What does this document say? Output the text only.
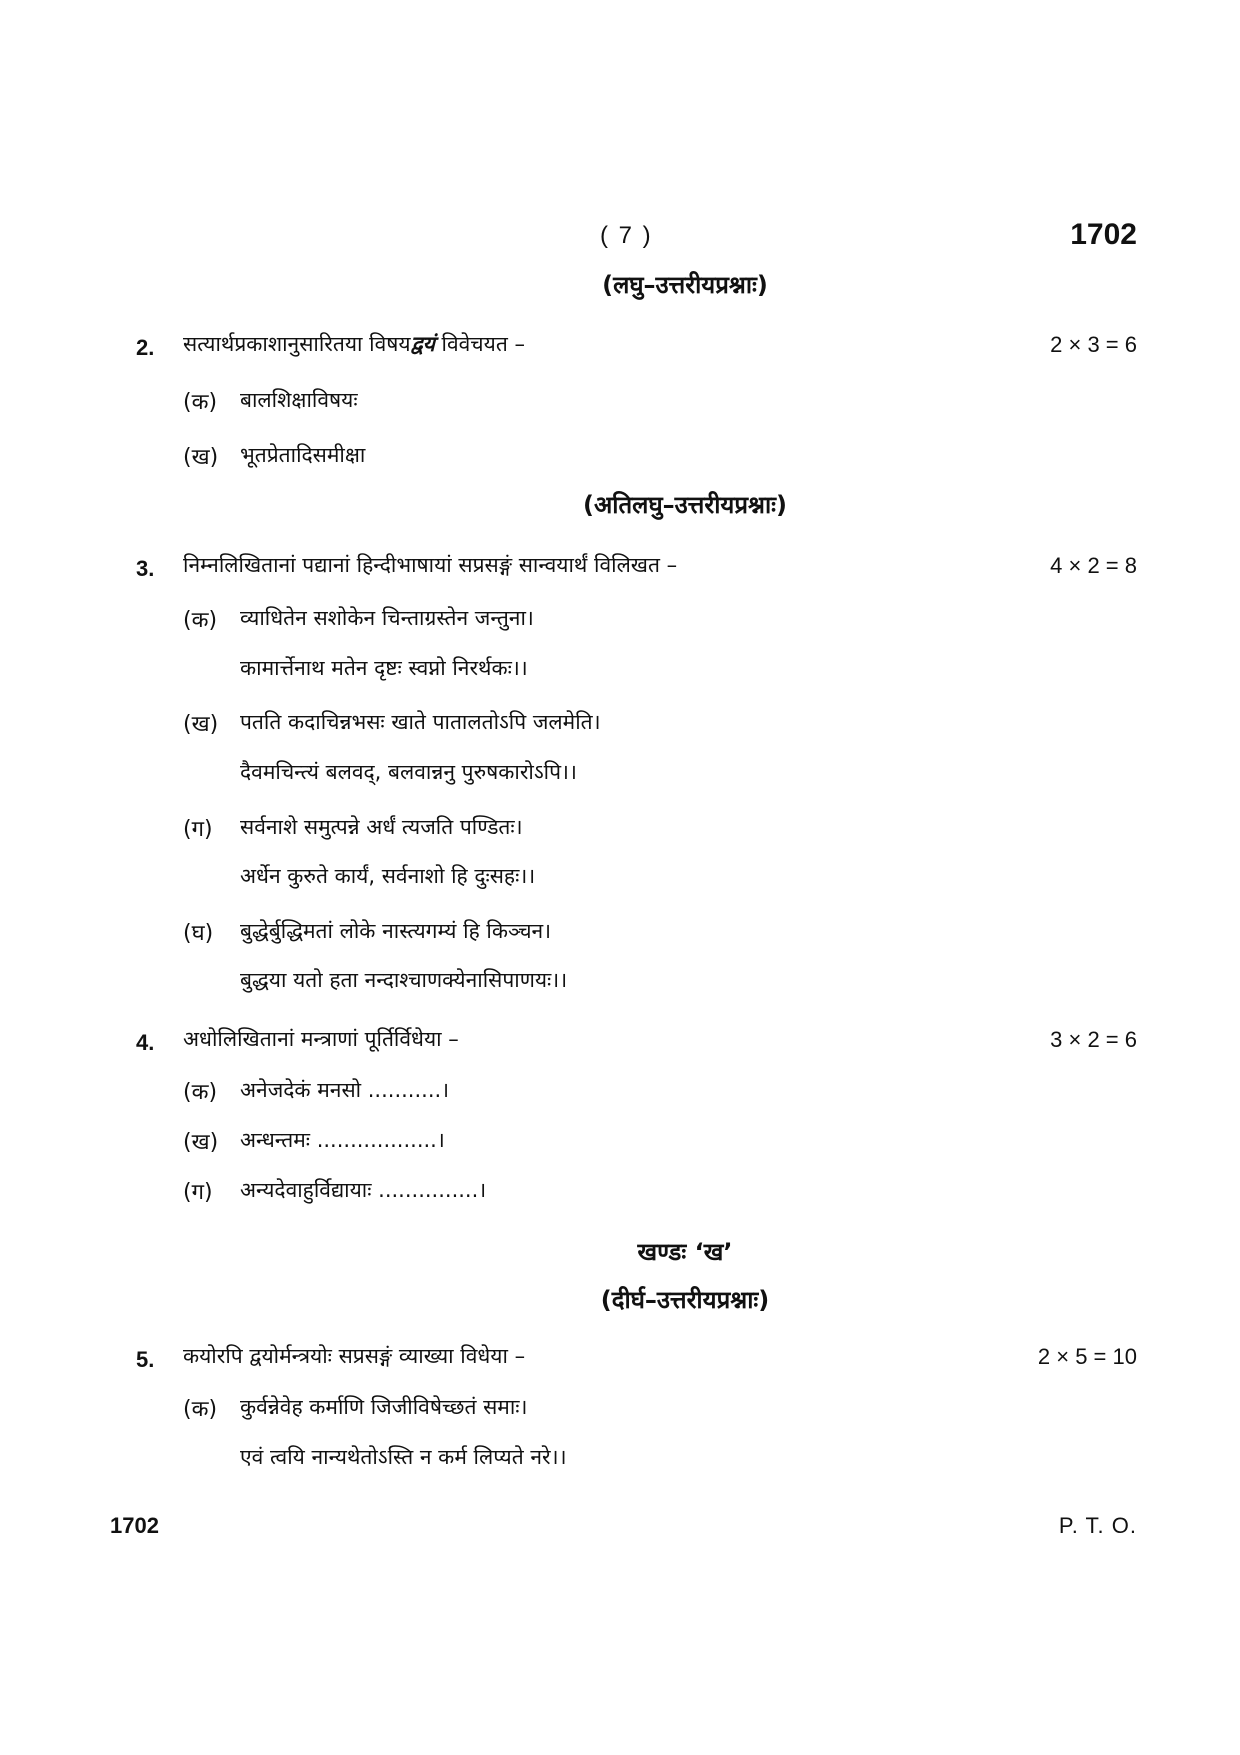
( 7 )	1702
(लघु–उत्तरीयप्रश्नाः)
2. सत्यार्थप्रकाशानुसारितया विषयद्वयं विवेचयत –	2 × 3 = 6
(क) बालशिक्षाविषयः
(ख) भूतप्रेतादिसमीक्षा
(अतिलघु–उत्तरीयप्रश्नाः)
3. निम्नलिखितानां पद्यानां हिन्दीभाषायां सप्रसङ्गं सान्वयार्थं विलिखत –	4 × 2 = 8
(क) व्याधितेन सशोकेन चिन्ताग्रस्तेन जन्तुना।
कामार्त्तेनाथ मतेन दृष्टः स्वप्नो निरर्थकः।।
(ख) पतति कदाचिन्नभसः खाते पातालतोऽपि जलमेति।
दैवमचिन्त्यं बलवद्, बलवान्ननु पुरुषकारोऽपि।।
(ग) सर्वनाशे समुत्पन्ने अर्धं त्यजति पण्डितः।
अर्धेन कुरुते कार्यं, सर्वनाशो हि दुःसहः।।
(घ) बुद्धेर्बुद्धिमतां लोके नास्त्यगम्यं हि किञ्चन।
बुद्धया यतो हता नन्दाश्चाणक्येनासिपाणयः।।
4. अधोलिखितानां मन्त्राणां पूर्तिर्विधेया –	3 × 2 = 6
(क) अनेजदेकं मनसो ...........।
(ख) अन्धन्तमः ..................।
(ग) अन्यदेवाहुर्विद्यायाः ...............।
खण्डः ‘ख’
(दीर्घ–उत्तरीयप्रश्नाः)
5. कयोरपि द्वयोर्मन्त्रयोः सप्रसङ्गं व्याख्या विधेया –	2 × 5 = 10
(क) कुर्वन्नेवेह कर्माणि जिजीविषेच्छतं समाः।
एवं त्वयि नान्यथेतोऽस्ति न कर्म लिप्यते नरे।।
1702	P. T. O.
